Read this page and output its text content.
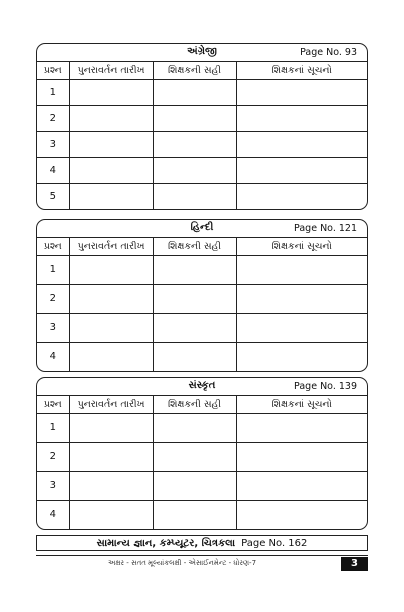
અંગ્રેજી	Page No. 93
પ્રશ્ન	પુનરાવર્તન તારીખ	શિક્ષકની સહી	શિક્ષકનાં સૂચનો
1			
2			
3			
4			
5			
હિન્દી	Page No. 121
પ્રશ્ન	પુનરાવર્તન તારીખ	શિક્ષકની સહી	શિક્ષકનાં સૂચનો
1			
2			
3			
4			
સંસ્કૃત	Page No. 139
પ્રશ્ન	પુનરાવર્તન તારીખ	શિક્ષકની સહી	શિક્ષકનાં સૂચનો
1			
2			
3			
4			
સામાન્ય જ્ઞાન, કમ્પ્યૂટર, ચિત્રકલા Page No. 162
અક્ષર - સતત મૂલ્યાંકલક્ષી - એસાઈનમેન્ટ - ધોરણ-7	3
